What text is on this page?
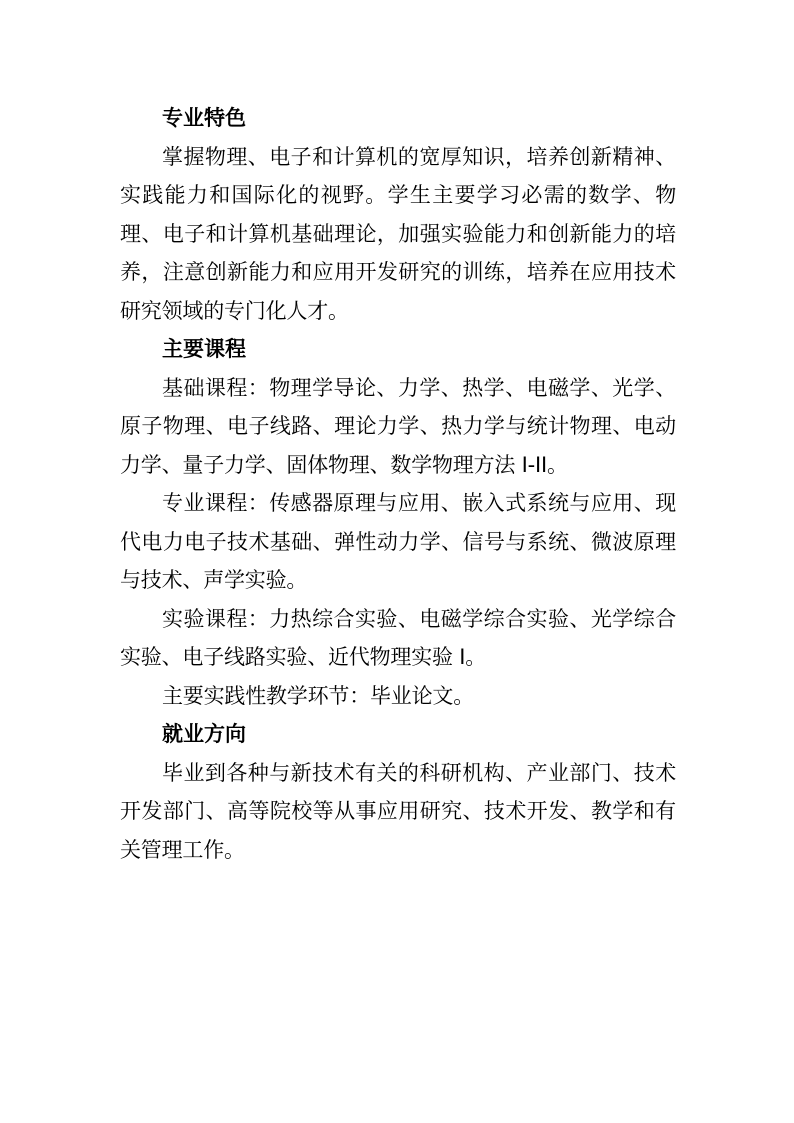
专业特色

掌握物理、电子和计算机的宽厚知识，培养创新精神、实践能力和国际化的视野。学生主要学习必需的数学、物理、电子和计算机基础理论，加强实验能力和创新能力的培养，注意创新能力和应用开发研究的训练，培养在应用技术研究领域的专门化人才。

主要课程

基础课程：物理学导论、力学、热学、电磁学、光学、原子物理、电子线路、理论力学、热力学与统计物理、电动力学、量子力学、固体物理、数学物理方法 I-II。

专业课程：传感器原理与应用、嵌入式系统与应用、现代电力电子技术基础、弹性动力学、信号与系统、微波原理与技术、声学实验。

实验课程：力热综合实验、电磁学综合实验、光学综合实验、电子线路实验、近代物理实验 I。

主要实践性教学环节：毕业论文。

就业方向

毕业到各种与新技术有关的科研机构、产业部门、技术开发部门、高等院校等从事应用研究、技术开发、教学和有关管理工作。
